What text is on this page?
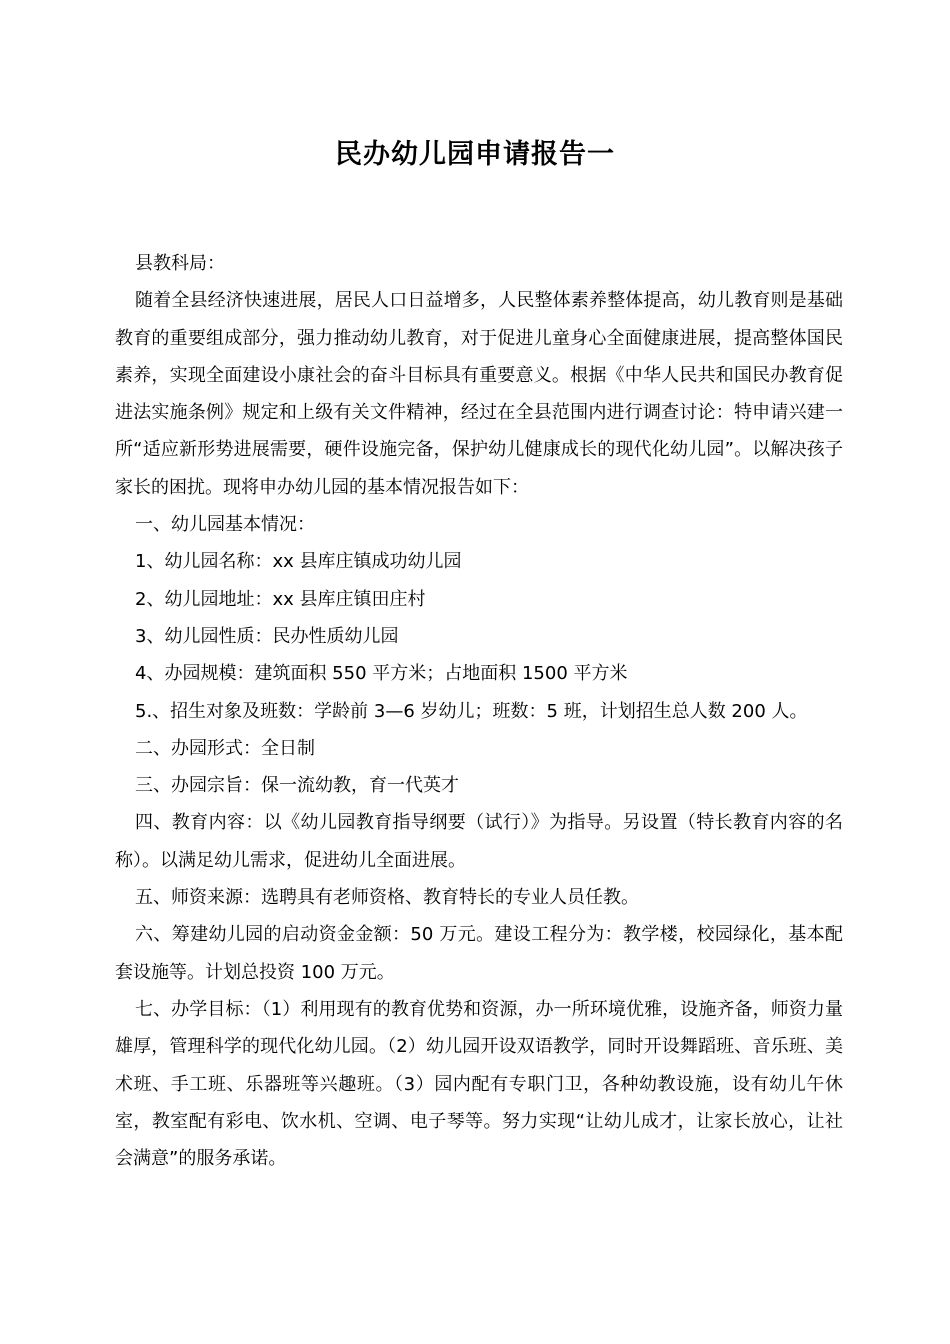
民办幼儿园申请报告一

县教科局：

随着全县经济快速进展，居民人口日益增多，人民整体素养整体提高，幼儿教育则是基础教育的重要组成部分，强力推动幼儿教育，对于促进儿童身心全面健康进展，提高整体国民素养，实现全面建设小康社会的奋斗目标具有重要意义。根据《中华人民共和国民办教育促进法实施条例》规定和上级有关文件精神，经过在全县范围内进行调查讨论：特申请兴建一所“适应新形势进展需要，硬件设施完备，保护幼儿健康成长的现代化幼儿园”。以解决孩子家长的困扰。现将申办幼儿园的基本情况报告如下：

一、幼儿园基本情况：

1、幼儿园名称：xx 县库庄镇成功幼儿园

2、幼儿园地址：xx 县库庄镇田庄村

3、幼儿园性质：民办性质幼儿园

4、办园规模：建筑面积 550 平方米；占地面积 1500 平方米

5.、招生对象及班数：学龄前 3—6 岁幼儿；班数：5 班，计划招生总人数 200 人。

二、办园形式：全日制

三、办园宗旨：保一流幼教，育一代英才

四、教育内容：以《幼儿园教育指导纲要（试行）》为指导。另设置（特长教育内容的名称）。以满足幼儿需求，促进幼儿全面进展。

五、师资来源：选聘具有老师资格、教育特长的专业人员任教。

六、筹建幼儿园的启动资金金额：50 万元。建设工程分为：教学楼，校园绿化，基本配套设施等。计划总投资 100 万元。

七、办学目标：（1）利用现有的教育优势和资源，办一所环境优雅，设施齐备，师资力量雄厚，管理科学的现代化幼儿园。（2）幼儿园开设双语教学，同时开设舞蹈班、音乐班、美术班、手工班、乐器班等兴趣班。（3）园内配有专职门卫，各种幼教设施，设有幼儿午休室，教室配有彩电、饮水机、空调、电子琴等。努力实现“让幼儿成才，让家长放心，让社会满意”的服务承诺。
